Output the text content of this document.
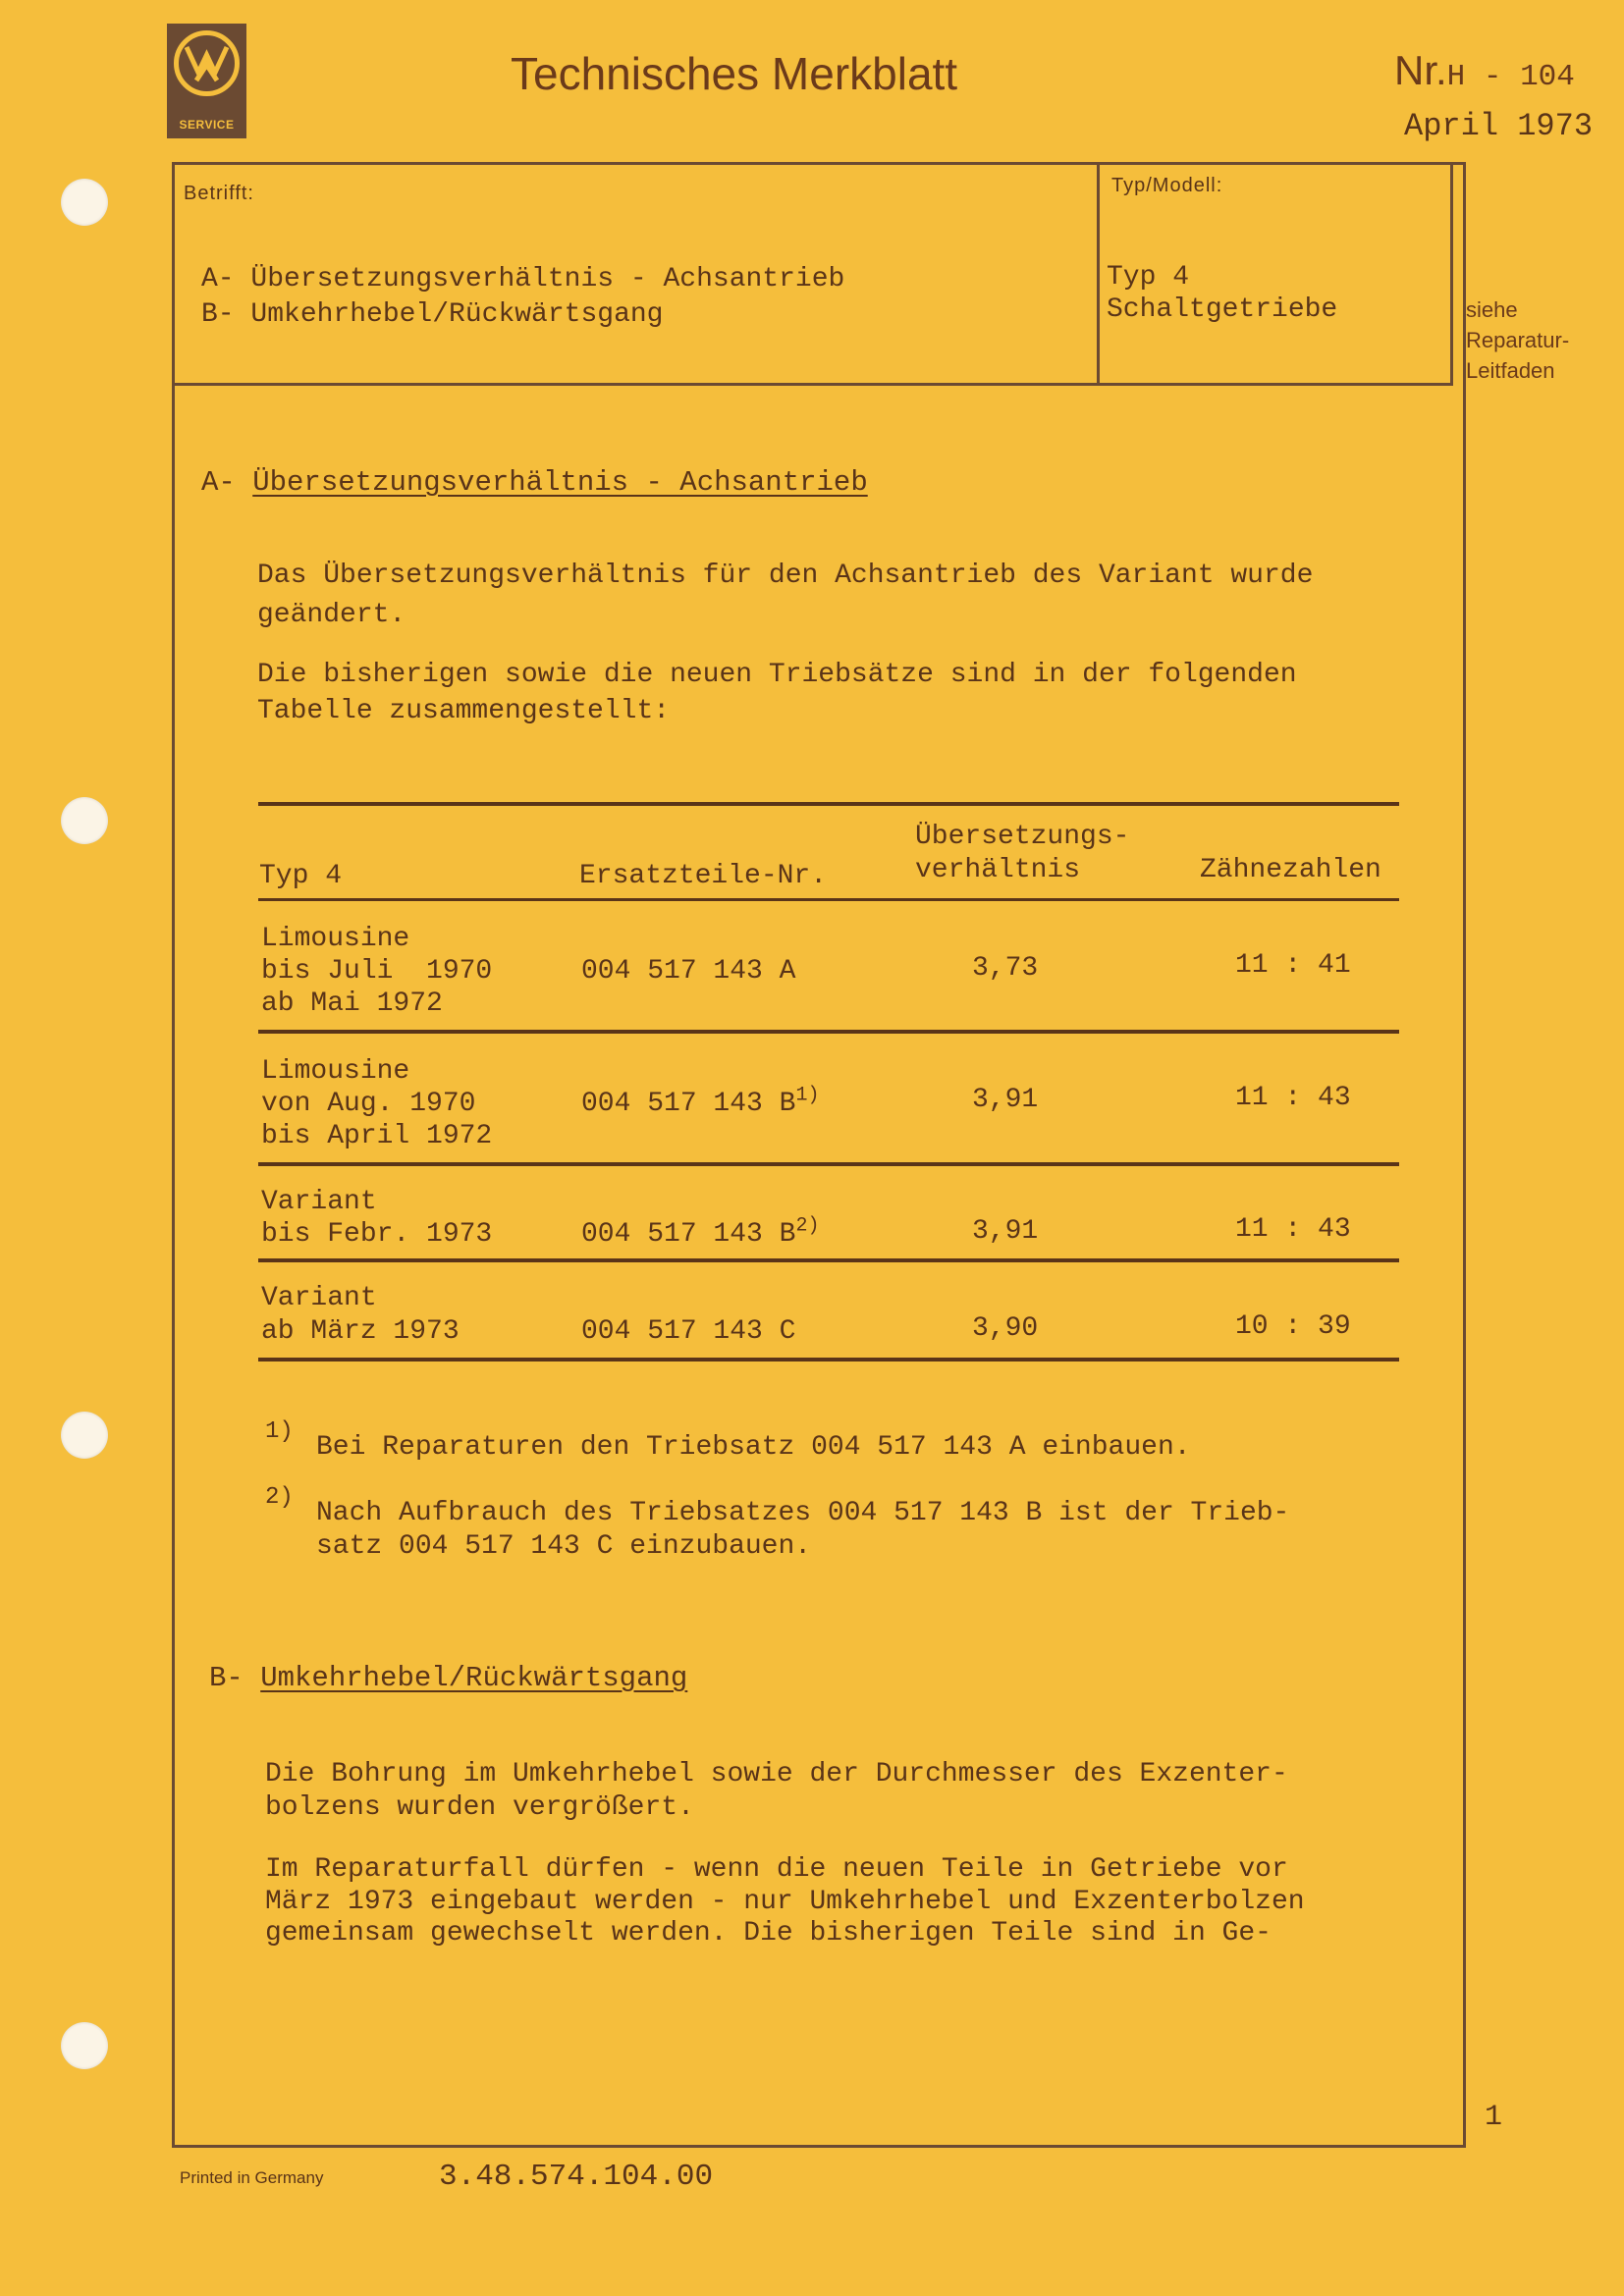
SERVICE
Technisches Merkblatt	Nr.H - 104
April 1973
Betrifft:
A- Übersetzungsverhältnis - Achsantrieb
B- Umkehrhebel/Rückwärtsgang
Typ/Modell:
Typ 4
Schaltgetriebe	siehe
Reparatur-
Leitfaden
A- Übersetzungsverhältnis - Achsantrieb
Das Übersetzungsverhältnis für den Achsantrieb des Variant wurde
geändert.
Die bisherigen sowie die neuen Triebsätze sind in der folgenden
Tabelle zusammengestellt:
Typ 4	Ersatzteile-Nr.
Übersetzungs-
verhältnis	Zähnezahlen
Limousine
bis Juli  1970
ab Mai 1972
004 517 143 A	3,73	11 : 41
Limousine
von Aug. 1970
bis April 1972
004 517 143 $B^{1)}$	3,91	11 : 43
Variant
bis Febr. 1973	004 517 143 $B^{2)}$	3,91	11 : 43
Variant
ab März 1973	004 517 143 C	3,90	10 : 39
1)
Bei Reparaturen den Triebsatz 004 517 143 A einbauen.
2)
Nach Aufbrauch des Triebsatzes 004 517 143 B ist der Trieb-
satz 004 517 143 C einzubauen.
B- Umkehrhebel/Rückwärtsgang
Die Bohrung im Umkehrhebel sowie der Durchmesser des Exzenter-
bolzens wurden vergrößert.
Im Reparaturfall dürfen - wenn die neuen Teile in Getriebe vor
März 1973 eingebaut werden - nur Umkehrhebel und Exzenterbolzen
gemeinsam gewechselt werden. Die bisherigen Teile sind in Ge-
1
Printed in Germany	3.48.574.104.00
